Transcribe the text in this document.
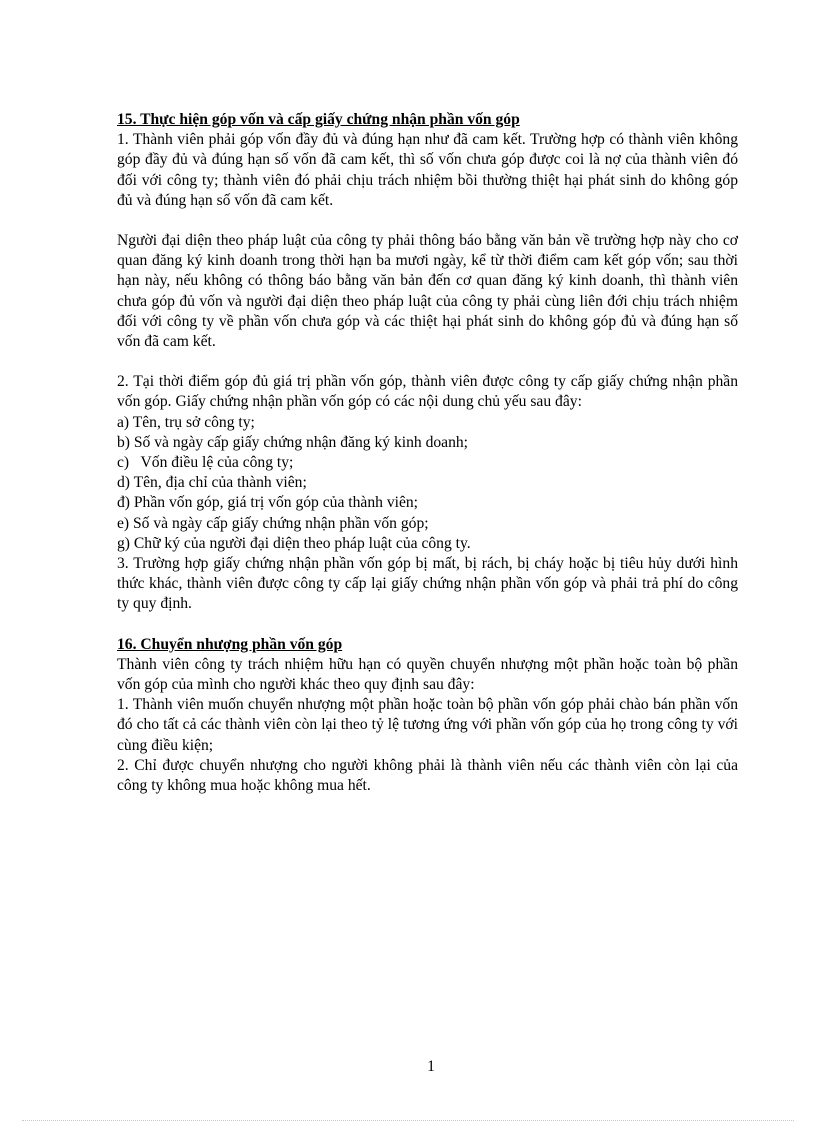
15. Thực hiện góp vốn và cấp giấy chứng nhận phần vốn góp

1. Thành viên phải góp vốn đầy đủ và đúng hạn như đã cam kết. Trường hợp có thành viên không góp đầy đủ và đúng hạn số vốn đã cam kết, thì số vốn chưa góp được coi là nợ của thành viên đó đối với công ty; thành viên đó phải chịu trách nhiệm bồi thường thiệt hại phát sinh do không góp đủ và đúng hạn số vốn đã cam kết.

Người đại diện theo pháp luật của công ty phải thông báo bằng văn bản về trường hợp này cho cơ quan đăng ký kinh doanh trong thời hạn ba mươi ngày, kể từ thời điểm cam kết góp vốn; sau thời hạn này, nếu không có thông báo bằng văn bản đến cơ quan đăng ký kinh doanh, thì thành viên chưa góp đủ vốn và người đại diện theo pháp luật của công ty phải cùng liên đới chịu trách nhiệm đối với công ty về phần vốn chưa góp và các thiệt hại phát sinh do không góp đủ và đúng hạn số vốn đã cam kết.

2. Tại thời điểm góp đủ giá trị phần vốn góp, thành viên được công ty cấp giấy chứng nhận phần vốn góp. Giấy chứng nhận phần vốn góp có các nội dung chủ yếu sau đây:

a) Tên, trụ sở công ty;

b) Số và ngày cấp giấy chứng nhận đăng ký kinh doanh;

c)   Vốn điều lệ của công ty;

d) Tên, địa chỉ của thành viên;

đ) Phần vốn góp, giá trị vốn góp của thành viên;

e) Số và ngày cấp giấy chứng nhận phần vốn góp;

g) Chữ ký của người đại diện theo pháp luật của công ty.

3. Trường hợp giấy chứng nhận phần vốn góp bị mất, bị rách, bị cháy hoặc bị tiêu hủy dưới hình thức khác, thành viên được công ty cấp lại giấy chứng nhận phần vốn góp và phải trả phí do công ty quy định.

16. Chuyển nhượng phần vốn góp

Thành viên công ty trách nhiệm hữu hạn có quyền chuyển nhượng một phần hoặc toàn bộ phần vốn góp của mình cho người khác theo quy định sau đây:

1. Thành viên muốn chuyển nhượng một phần hoặc toàn bộ phần vốn góp phải chào bán phần vốn đó cho tất cả các thành viên còn lại theo tỷ lệ tương ứng với phần vốn góp của họ trong công ty với cùng điều kiện;

2. Chỉ được chuyển nhượng cho người không phải là thành viên nếu các thành viên còn lại của công ty không mua hoặc không mua hết.

1
